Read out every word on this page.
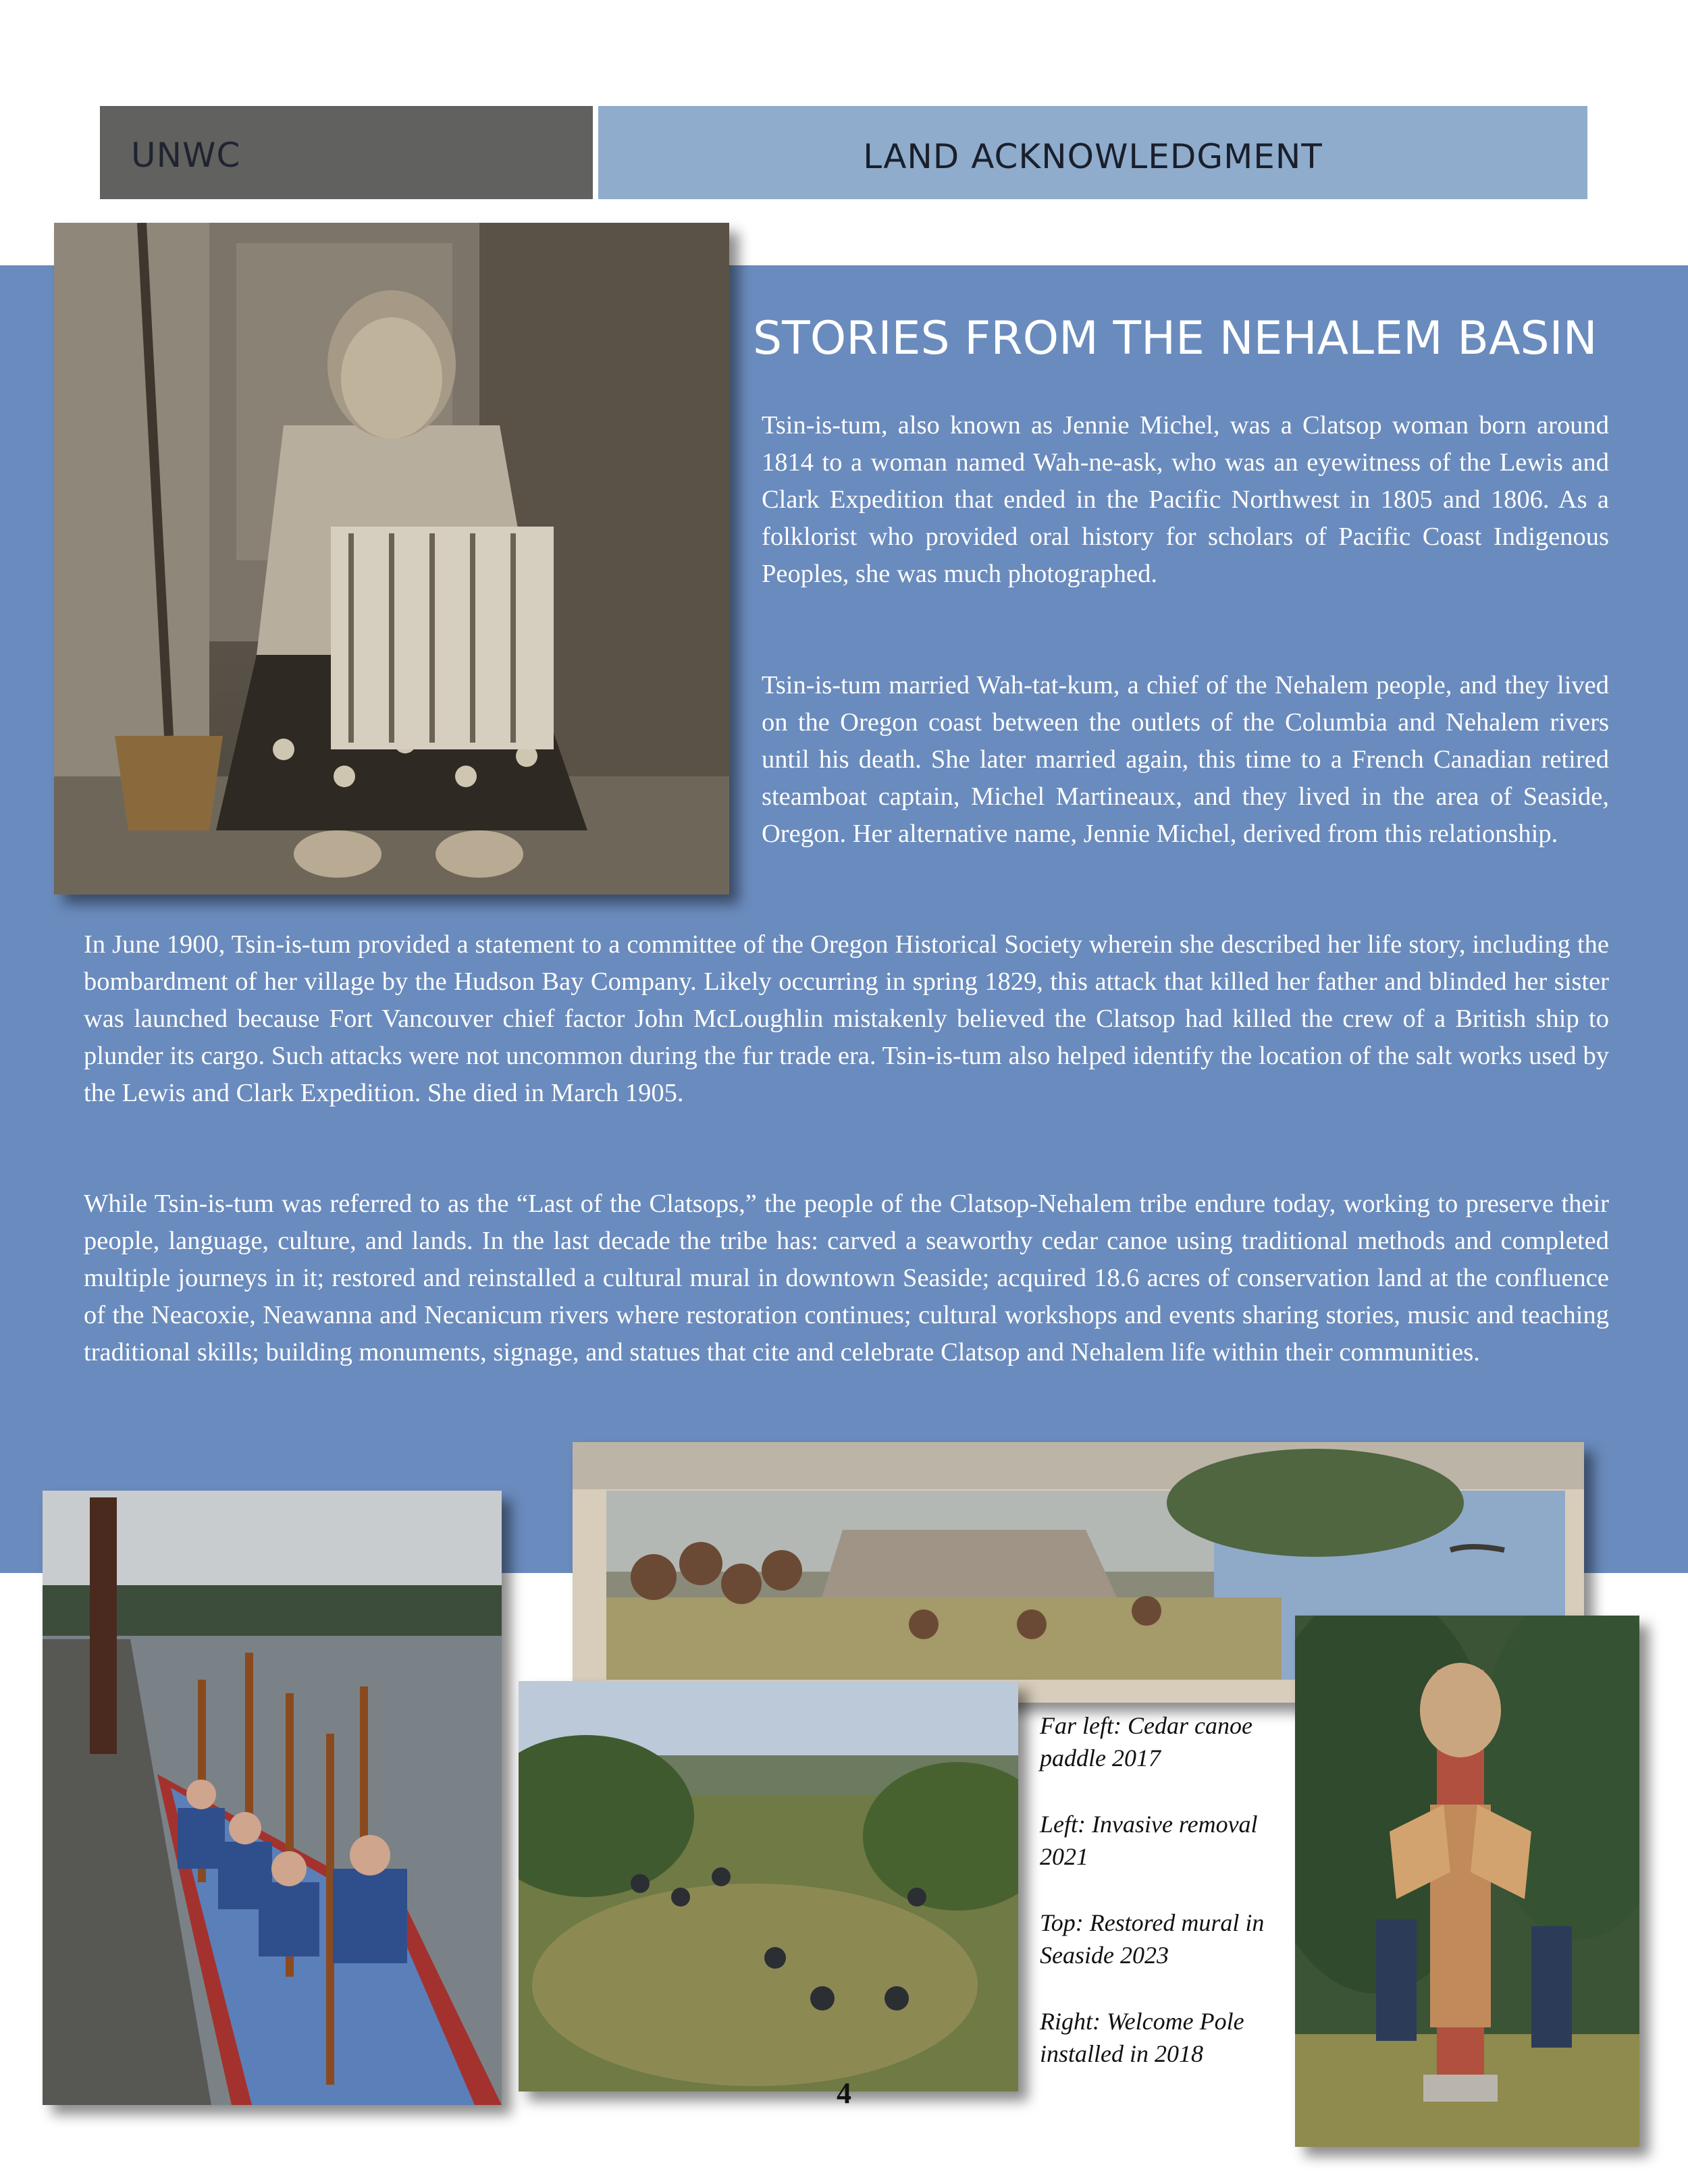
UNWC	LAND ACKNOWLEDGMENT
STORIES FROM THE NEHALEM BASIN
Tsin-is-tum, also known as Jennie Michel, was a Clatsop woman born around 1814 to a woman named Wah-ne-ask, who was an eyewitness of the Lewis and Clark Expedition that ended in the Pacific Northwest in 1805 and 1806. As a folklorist who provided oral history for scholars of Pacific Coast Indigenous Peoples, she was much photographed.
Tsin-is-tum married Wah-tat-kum, a chief of the Nehalem people, and they lived on the Oregon coast between the outlets of the Columbia and Nehalem rivers until his death. She later married again, this time to a French Canadian retired steamboat captain, Michel Martineaux, and they lived in the area of Seaside, Oregon. Her alternative name, Jennie Michel, derived from this relationship.
In June 1900, Tsin-is-tum provided a statement to a committee of the Oregon Historical Society wherein she described her life story, including the bombardment of her village by the Hudson Bay Company. Likely occurring in spring 1829, this attack that killed her father and blinded her sister was launched because Fort Vancouver chief factor John McLoughlin mistakenly believed the Clatsop had killed the crew of a British ship to plunder its cargo. Such attacks were not uncommon during the fur trade era. Tsin-is-tum also helped identify the location of the salt works used by the Lewis and Clark Expedition. She died in March 1905.
While Tsin-is-tum was referred to as the “Last of the Clatsops,” the people of the Clatsop-Nehalem tribe endure today, working to preserve their people, language, culture, and lands. In the last decade the tribe has: carved a seaworthy cedar canoe using traditional methods and completed multiple journeys in it; restored and reinstalled a cultural mural in downtown Seaside; acquired 18.6 acres of conservation land at the confluence of the Neacoxie, Neawanna and Necanicum rivers where restoration continues; cultural workshops and events sharing stories, music and teaching traditional skills; building monuments, signage, and statues that cite and celebrate Clatsop and Nehalem life within their communities.

Far left: Cedar canoe paddle 2017

Left: Invasive removal 2021

Top: Restored mural in Seaside 2023

Right: Welcome Pole installed in 2018

4
